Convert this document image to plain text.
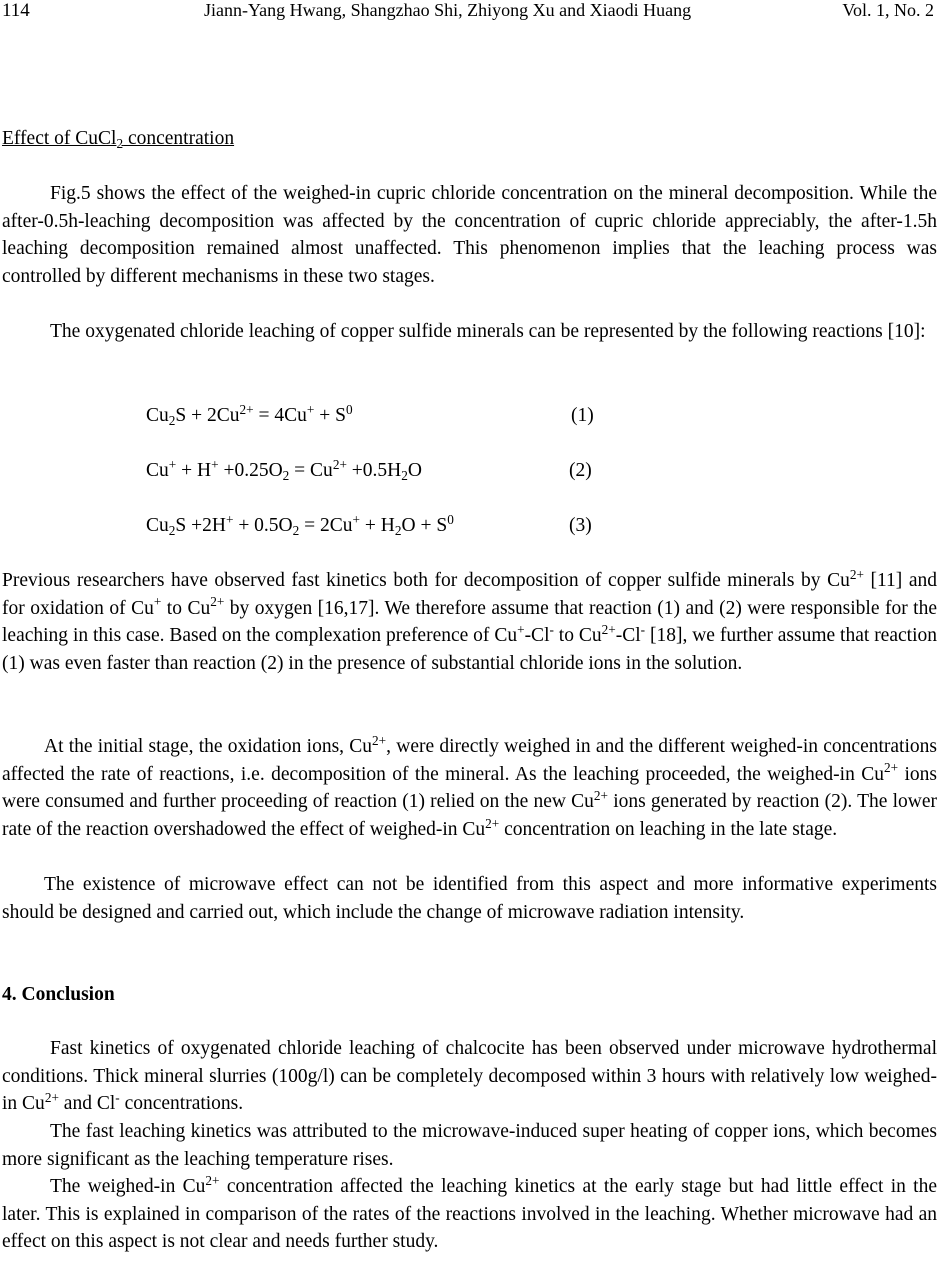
114	Jiann-Yang Hwang, Shangzhao Shi, Zhiyong Xu and Xiaodi Huang	Vol. 1, No. 2
Effect of CuCl$_2$ concentration

Fig.5 shows the effect of the weighed-in cupric chloride concentration on the mineral decomposition. While the after-0.5h-leaching decomposition was affected by the concentration of cupric chloride appreciably, the after-1.5h leaching decomposition remained almost unaffected. This phenomenon implies that the leaching process was controlled by different mechanisms in these two stages.

The oxygenated chloride leaching of copper sulfide minerals can be represented by the following reactions [10]:

$Cu_2S + 2Cu^{2+} = 4Cu^+ + S^0$	(1)
$Cu^+ + H^+ +0.25O_2 = Cu^{2+} +0.5H_2O$	(2)
$Cu_2S +2H^+ + 0.5O_2 = 2Cu^+ + H_2O + S^0$	(3)

Previous researchers have observed fast kinetics both for decomposition of copper sulfide minerals by $Cu^{2+}$ [11] and for oxidation of Cu+ to $Cu^{2+}$ by oxygen [16,17]. We therefore assume that reaction (1) and (2) were responsible for the leaching in this case. Based on the complexation preference of Cu+-Cl- to $Cu^{2+}-Cl^-$ [18], we further assume that reaction (1) was even faster than reaction (2) in the presence of substantial chloride ions in the solution.

At the initial stage, the oxidation ions, $Cu^{2+}$, were directly weighed in and the different weighed-in concentrations affected the rate of reactions, i.e. decomposition of the mineral. As the leaching proceeded, the weighed-in $Cu^{2+}$ ions were consumed and further proceeding of reaction (1) relied on the new $Cu^{2+}$ ions generated by reaction (2). The lower rate of the reaction overshadowed the effect of weighed-in $Cu^{2+}$ concentration on leaching in the late stage.

The existence of microwave effect can not be identified from this aspect and more informative experiments should be designed and carried out, which include the change of microwave radiation intensity.

4. Conclusion

Fast kinetics of oxygenated chloride leaching of chalcocite has been observed under microwave hydrothermal conditions. Thick mineral slurries (100g/l) can be completely decomposed within 3 hours with relatively low weighed-in $Cu^{2+}$ and Cl- concentrations.

The fast leaching kinetics was attributed to the microwave-induced super heating of copper ions, which becomes more significant as the leaching temperature rises.

The weighed-in $Cu^{2+}$ concentration affected the leaching kinetics at the early stage but had little effect in the later. This is explained in comparison of the rates of the reactions involved in the leaching. Whether microwave had an effect on this aspect is not clear and needs further study.
